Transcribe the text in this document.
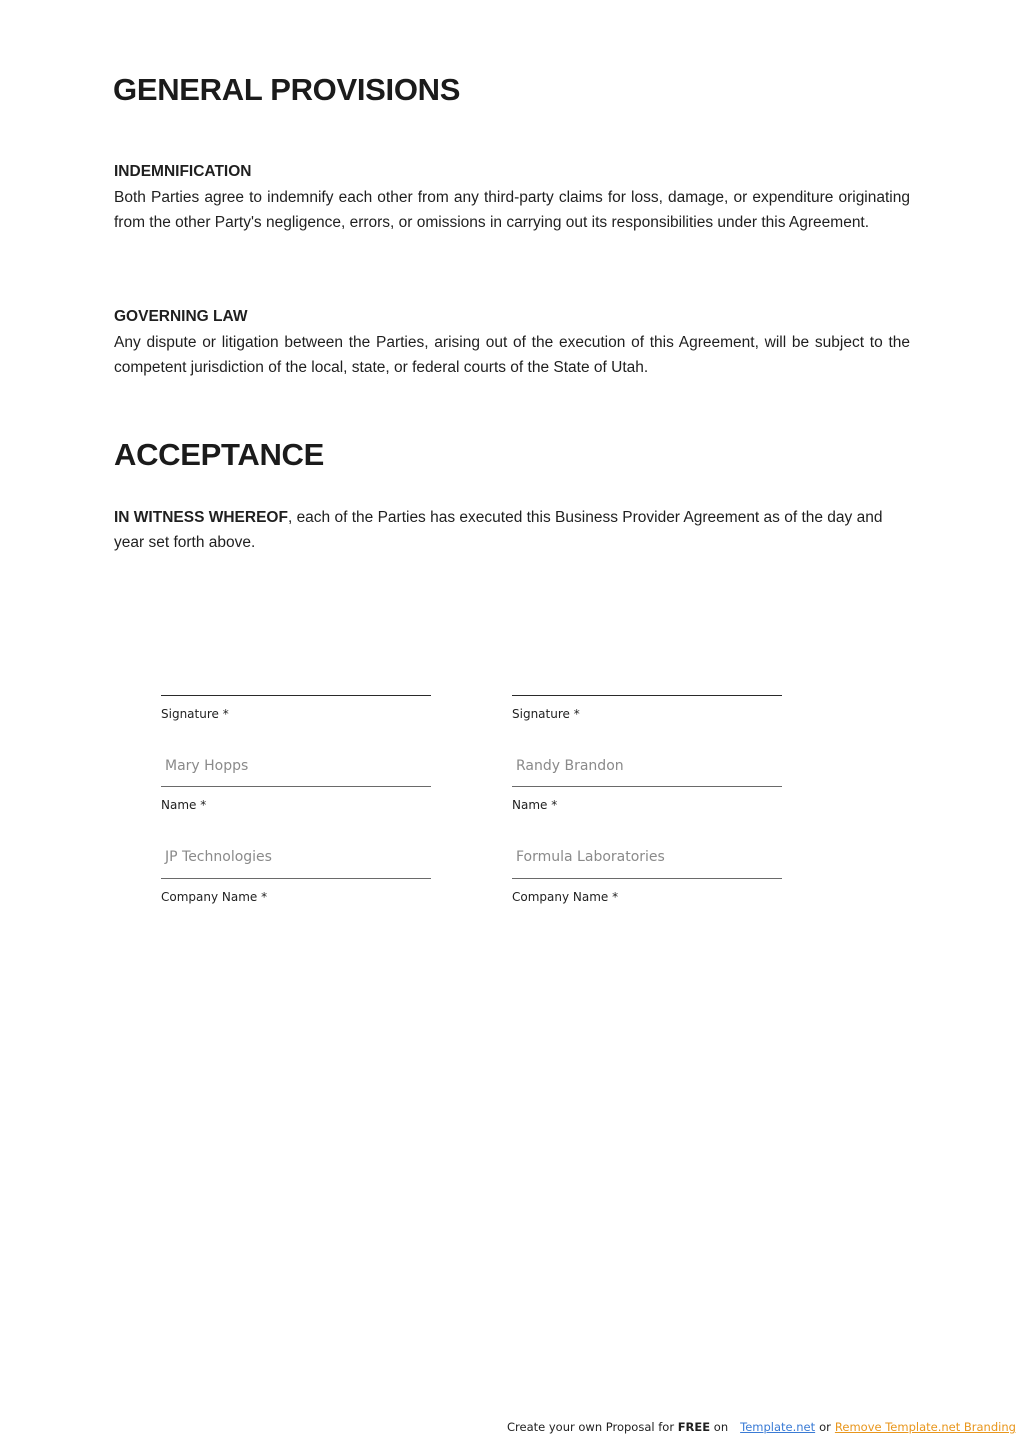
GENERAL PROVISIONS
INDEMNIFICATION

Both Parties agree to indemnify each other from any third-party claims for loss, damage, or expenditure originating from the other Party's negligence, errors, or omissions in carrying out its responsibilities under this Agreement.

GOVERNING LAW

Any dispute or litigation between the Parties, arising out of the execution of this Agreement, will be subject to the competent jurisdiction of the local, state, or federal courts of the State of Utah.

ACCEPTANCE

IN WITNESS WHEREOF, each of the Parties has executed this Business Provider Agreement as of the day and year set forth above.

Signature *
Mary Hopps
Name *
JP Technologies
Company Name *
Signature *
Randy Brandon
Name *
Formula Laboratories
Company Name *
Create your own Proposal for FREE on Template.net or Remove Template.net Branding
